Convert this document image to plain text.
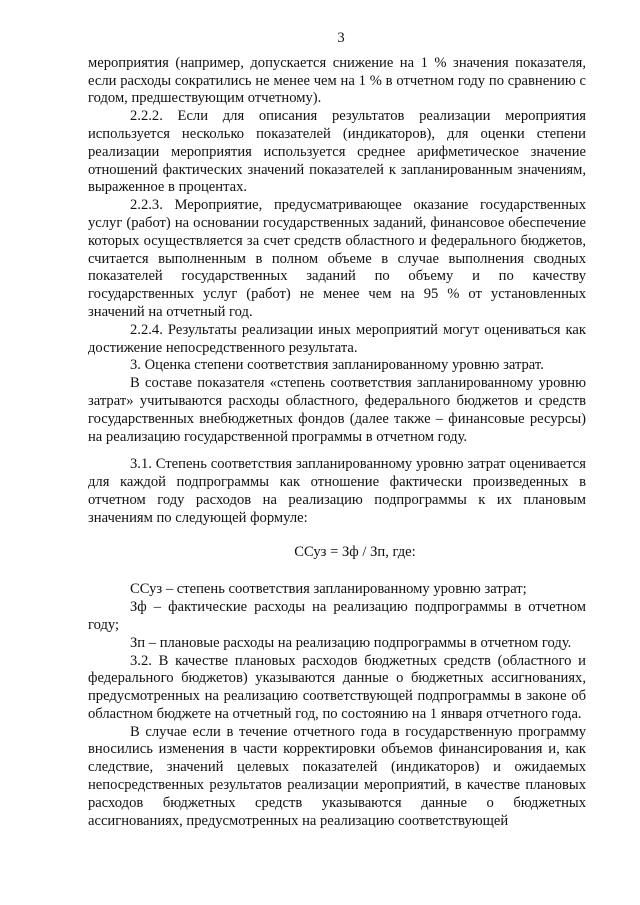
3

мероприятия (например, допускается снижение на 1 % значения показателя, если расходы сократились не менее чем на 1 % в отчетном году по сравнению с годом, предшествующим отчетному).

2.2.2. Если для описания результатов реализации мероприятия используется несколько показателей (индикаторов), для оценки степени реализации мероприятия используется среднее арифметическое значение отношений фактических значений показателей к запланированным значениям, выраженное в процентах.

2.2.3. Мероприятие, предусматривающее оказание государственных услуг (работ) на основании государственных заданий, финансовое обеспечение которых осуществляется за счет средств областного и федерального бюджетов, считается выполненным в полном объеме в случае выполнения сводных показателей государственных заданий по объему и по качеству государственных услуг (работ) не менее чем на 95 % от установленных значений на отчетный год.

2.2.4. Результаты реализации иных мероприятий могут оцениваться как достижение непосредственного результата.

3. Оценка степени соответствия запланированному уровню затрат.

В составе показателя «степень соответствия запланированному уровню затрат» учитываются расходы областного, федерального бюджетов и средств государственных внебюджетных фондов (далее также – финансовые ресурсы) на реализацию государственной программы в отчетном году.

3.1. Степень соответствия запланированному уровню затрат оценивается для каждой подпрограммы как отношение фактически произведенных в отчетном году расходов на реализацию подпрограммы к их плановым значениям по следующей формуле:

ССуз = Зф / Зп, где:

ССуз – степень соответствия запланированному уровню затрат;

Зф – фактические расходы на реализацию подпрограммы в отчетном году;

Зп – плановые расходы на реализацию подпрограммы в отчетном году.

3.2. В качестве плановых расходов бюджетных средств (областного и федерального бюджетов) указываются данные о бюджетных ассигнованиях, предусмотренных на реализацию соответствующей подпрограммы в законе об областном бюджете на отчетный год, по состоянию на 1 января отчетного года.

В случае если в течение отчетного года в государственную программу вносились изменения в части корректировки объемов финансирования и, как следствие, значений целевых показателей (индикаторов) и ожидаемых непосредственных результатов реализации мероприятий, в качестве плановых расходов бюджетных средств указываются данные о бюджетных ассигнованиях, предусмотренных на реализацию соответствующей
